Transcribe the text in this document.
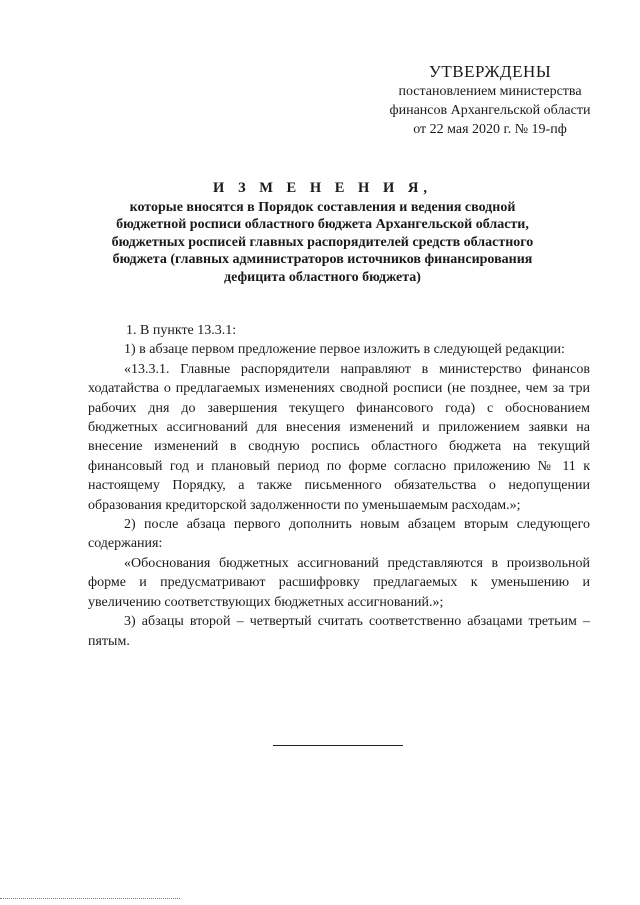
УТВЕРЖДЕНЫ
постановлением министерства
финансов Архангельской области
от 22 мая 2020 г. № 19-пф
И З М Е Н Е Н И Я,
которые вносятся в Порядок составления и ведения сводной
бюджетной росписи областного бюджета Архангельской области,
бюджетных росписей главных распорядителей средств областного
бюджета (главных администраторов источников финансирования
дефицита областного бюджета)

1. В пункте 13.3.1:

1) в абзаце первом предложение первое изложить в следующей редакции:

«13.3.1. Главные распорядители направляют в министерство финансов ходатайства о предлагаемых изменениях сводной росписи (не позднее, чем за три рабочих дня до завершения текущего финансового года) с обоснованием бюджетных ассигнований для внесения изменений и приложением заявки на внесение изменений в сводную роспись областного бюджета на текущий финансовый год и плановый период по форме согласно приложению № 11 к настоящему Порядку, а также письменного обязательства о недопущении образования кредиторской задолженности по уменьшаемым расходам.»;

2) после абзаца первого дополнить новым абзацем вторым следующего содержания:

«Обоснования бюджетных ассигнований представляются в произвольной форме и предусматривают расшифровку предлагаемых к уменьшению и увеличению соответствующих бюджетных ассигнований.»;

3) абзацы второй – четвертый считать соответственно абзацами третьим – пятым.
